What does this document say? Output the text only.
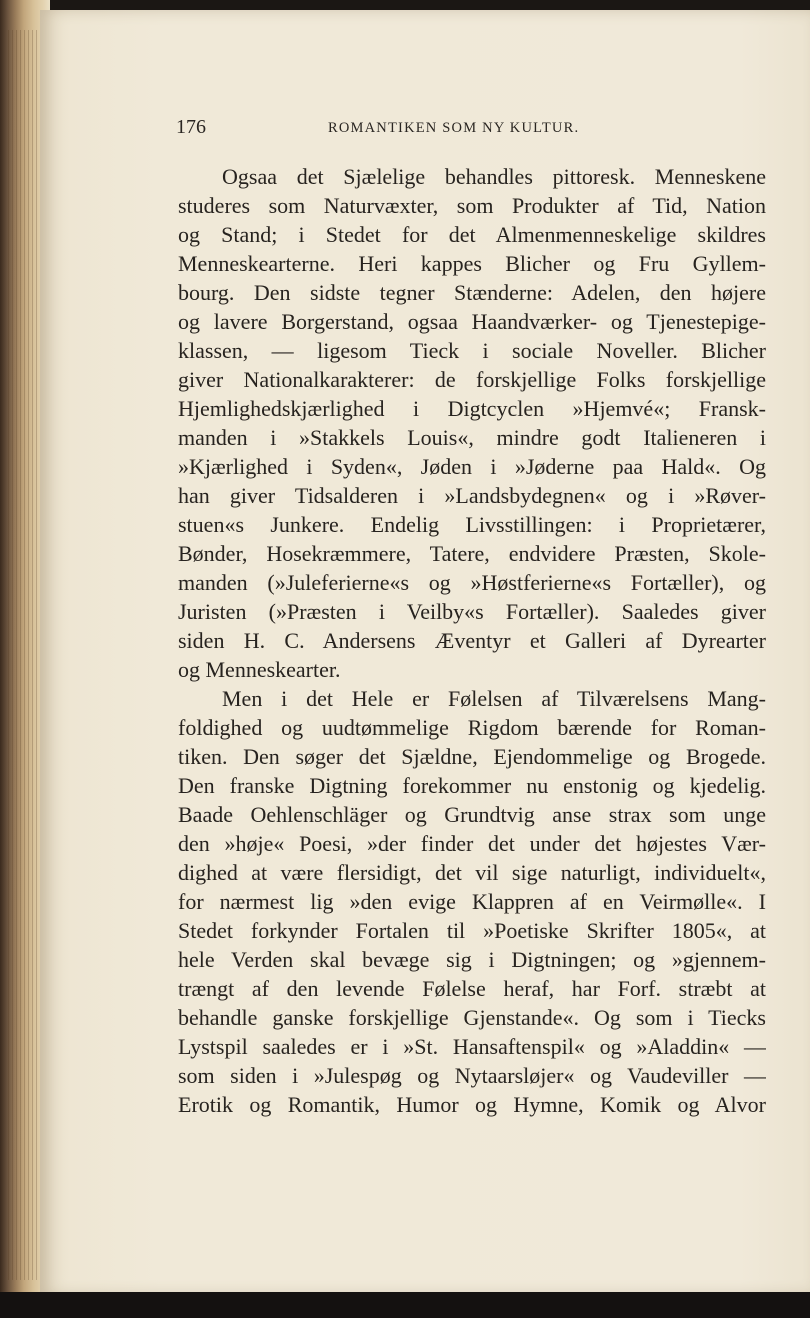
176	ROMANTIKEN SOM NY KULTUR.
Ogsaa det Sjælelige behandles pittoresk. Menneskene
studeres som Naturvæxter, som Produkter af Tid, Nation
og Stand; i Stedet for det Almenmenneskelige skildres
Menneskearterne. Heri kappes Blicher og Fru Gyllem-
bourg. Den sidste tegner Stænderne: Adelen, den højere
og lavere Borgerstand, ogsaa Haandværker- og Tjenestepige-
klassen, — ligesom Tieck i sociale Noveller. Blicher
giver Nationalkarakterer: de forskjellige Folks forskjellige
Hjemlighedskjærlighed i Digtcyclen »Hjemvé«; Fransk-
manden i »Stakkels Louis«, mindre godt Italieneren i
»Kjærlighed i Syden«, Jøden i »Jøderne paa Hald«. Og
han giver Tidsalderen i »Landsbydegnen« og i »Røver-
stuen«s Junkere. Endelig Livsstillingen: i Proprietærer,
Bønder, Hosekræmmere, Tatere, endvidere Præsten, Skole-
manden (»Juleferierne«s og »Høstferierne«s Fortæller), og
Juristen (»Præsten i Veilby«s Fortæller). Saaledes giver
siden H. C. Andersens Æventyr et Galleri af Dyrearter
og Menneskearter.
Men i det Hele er Følelsen af Tilværelsens Mang-
foldighed og uudtømmelige Rigdom bærende for Roman-
tiken. Den søger det Sjældne, Ejendommelige og Brogede.
Den franske Digtning forekommer nu enstonig og kjedelig.
Baade Oehlenschläger og Grundtvig anse strax som unge
den »høje« Poesi, »der finder det under det højestes Vær-
dighed at være flersidigt, det vil sige naturligt, individuelt«,
for nærmest lig »den evige Klappren af en Veirmølle«. I
Stedet forkynder Fortalen til »Poetiske Skrifter 1805«, at
hele Verden skal bevæge sig i Digtningen; og »gjennem-
trængt af den levende Følelse heraf, har Forf. stræbt at
behandle ganske forskjellige Gjenstande«. Og som i Tiecks
Lystspil saaledes er i »St. Hansaftenspil« og »Aladdin« —
som siden i »Julespøg og Nytaarsløjer« og Vaudeviller —
Erotik og Romantik, Humor og Hymne, Komik og Alvor
